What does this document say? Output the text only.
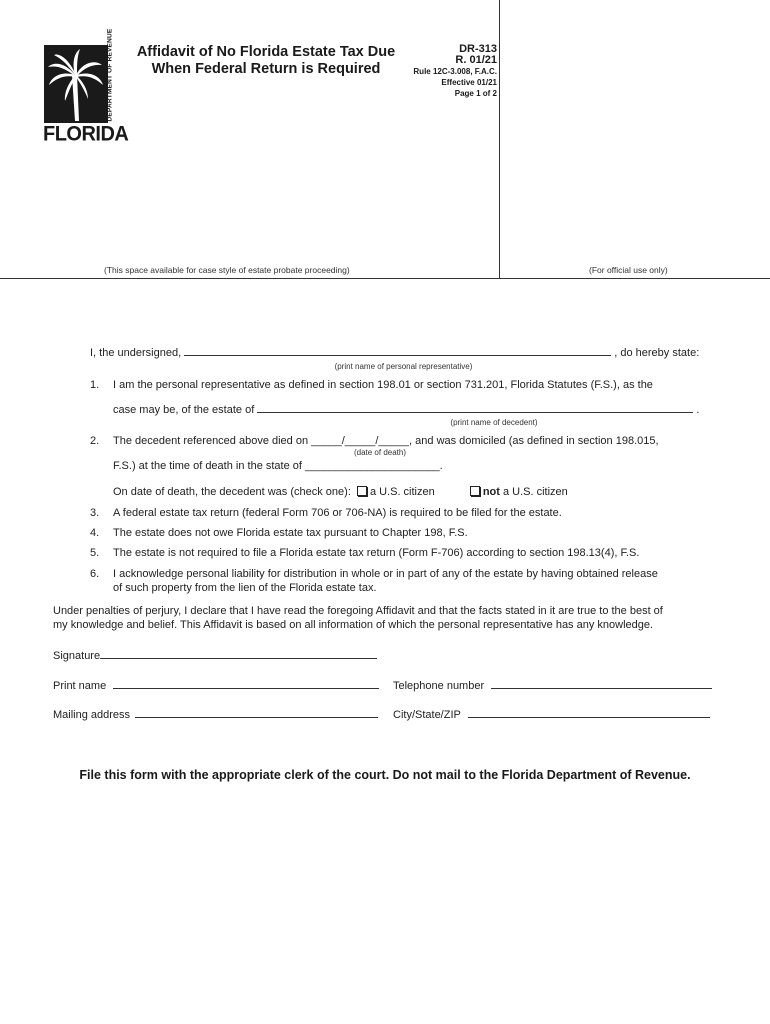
DEPARTMENT OF REVENUE
FLORIDA
Affidavit of No Florida Estate Tax Due
When Federal Return is Required
DR-313
R. 01/21
Rule 12C-3.008, F.A.C.
Effective 01/21
Page 1 of 2
(This space available for case style of estate probate proceeding)	(For official use only)
I, the undersigned,	, do hereby state:
(print name of personal representative)
1. I am the personal representative as defined in section 198.01 or section 731.201, Florida Statutes (F.S.), as the
case may be, of the estate of	.
(print name of decedent)
2. The decedent referenced above died on _____/_____/_____, and was domiciled (as defined in section 198.015,
(date of death)
F.S.) at the time of death in the state of ______________________.
On date of death, the decedent was (check one): a U.S. citizen	not a U.S. citizen
3. A federal estate tax return (federal Form 706 or 706-NA) is required to be filed for the estate.
4. The estate does not owe Florida estate tax pursuant to Chapter 198, F.S.
5. The estate is not required to file a Florida estate tax return (Form F-706) according to section 198.13(4), F.S.
6. I acknowledge personal liability for distribution in whole or in part of any of the estate by having obtained release
of such property from the lien of the Florida estate tax.
Under penalties of perjury, I declare that I have read the foregoing Affidavit and that the facts stated in it are true to the best of
my knowledge and belief. This Affidavit is based on all information of which the personal representative has any knowledge.
Signature
Print name	Telephone number
Mailing address	City/State/ZIP
File this form with the appropriate clerk of the court. Do not mail to the Florida Department of Revenue.
